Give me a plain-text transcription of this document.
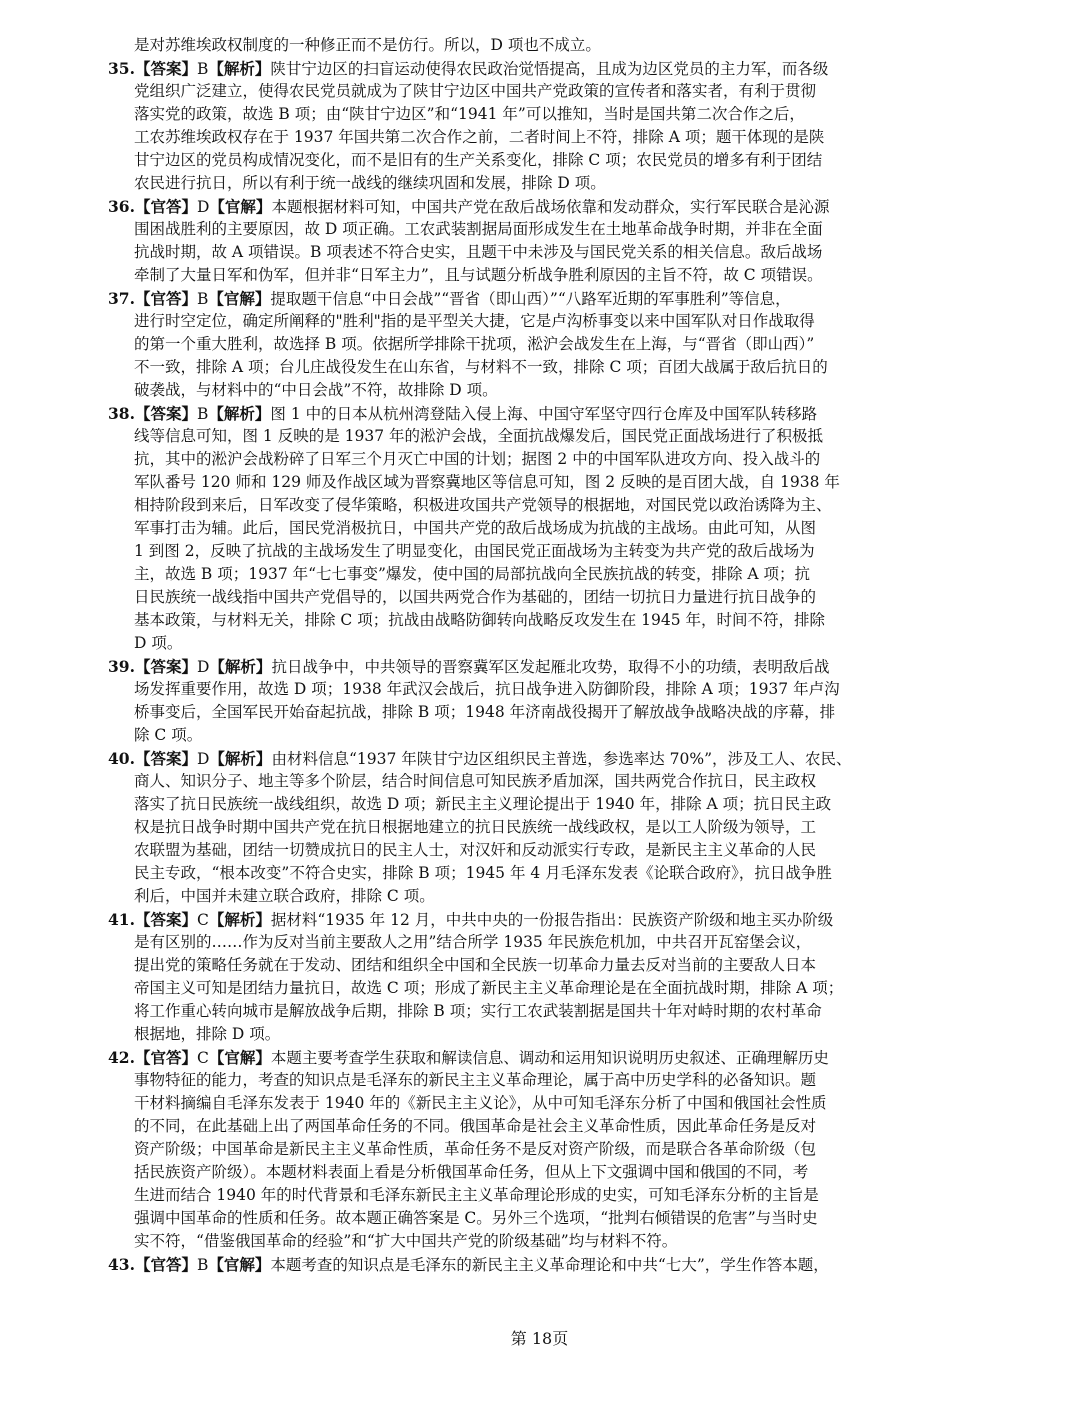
是对苏维埃政权制度的一种修正而不是仿行。所以，D 项也不成立。
35.【答案】B【解析】陕甘宁边区的扫盲运动使得农民政治觉悟提高，且成为边区党员的主力军，而各级
党组织广泛建立，使得农民党员就成为了陕甘宁边区中国共产党政策的宣传者和落实者，有利于贯彻
落实党的政策，故选 B 项；由“陕甘宁边区”和“1941 年”可以推知，当时是国共第二次合作之后，
工农苏维埃政权存在于 1937 年国共第二次合作之前，二者时间上不符，排除 A 项；题干体现的是陕
甘宁边区的党员构成情况变化，而不是旧有的生产关系变化，排除 C 项；农民党员的增多有利于团结
农民进行抗日，所以有利于统一战线的继续巩固和发展，排除 D 项。
36.【官答】D【官解】本题根据材料可知，中国共产党在敌后战场依靠和发动群众，实行军民联合是沁源
围困战胜利的主要原因，故 D 项正确。工农武装割据局面形成发生在土地革命战争时期，并非在全面
抗战时期，故 A 项错误。B 项表述不符合史实，且题干中未涉及与国民党关系的相关信息。敌后战场
牵制了大量日军和伪军，但并非“日军主力”，且与试题分析战争胜利原因的主旨不符，故 C 项错误。
37.【官答】B【官解】提取题干信息“中日会战”“晋省（即山西）”“八路军近期的军事胜利”等信息，
进行时空定位，确定所阐释的"胜利"指的是平型关大捷，它是卢沟桥事变以来中国军队对日作战取得
的第一个重大胜利，故选择 B 项。依据所学排除干扰项，淞沪会战发生在上海，与“晋省（即山西）”
不一致，排除 A 项；台儿庄战役发生在山东省，与材料不一致，排除 C 项；百团大战属于敌后抗日的
破袭战，与材料中的“中日会战”不符，故排除 D 项。
38.【答案】B【解析】图 1 中的日本从杭州湾登陆入侵上海、中国守军坚守四行仓库及中国军队转移路
线等信息可知，图 1 反映的是 1937 年的淞沪会战，全面抗战爆发后，国民党正面战场进行了积极抵
抗，其中的淞沪会战粉碎了日军三个月灭亡中国的计划；据图 2 中的中国军队进攻方向、投入战斗的
军队番号 120 师和 129 师及作战区域为晋察冀地区等信息可知，图 2 反映的是百团大战，自 1938 年
相持阶段到来后，日军改变了侵华策略，积极进攻国共产党领导的根据地，对国民党以政治诱降为主、
军事打击为辅。此后，国民党消极抗日，中国共产党的敌后战场成为抗战的主战场。由此可知，从图
1 到图 2，反映了抗战的主战场发生了明显变化，由国民党正面战场为主转变为共产党的敌后战场为
主，故选 B 项；1937 年“七七事变”爆发，使中国的局部抗战向全民族抗战的转变，排除 A 项；抗
日民族统一战线指中国共产党倡导的，以国共两党合作为基础的，团结一切抗日力量进行抗日战争的
基本政策，与材料无关，排除 C 项；抗战由战略防御转向战略反攻发生在 1945 年，时间不符，排除
D 项。
39.【答案】D【解析】抗日战争中，中共领导的晋察冀军区发起雁北攻势，取得不小的功绩，表明敌后战
场发挥重要作用，故选 D 项；1938 年武汉会战后，抗日战争进入防御阶段，排除 A 项；1937 年卢沟
桥事变后，全国军民开始奋起抗战，排除 B 项；1948 年济南战役揭开了解放战争战略决战的序幕，排
除 C 项。
40.【答案】D【解析】由材料信息“1937 年陕甘宁边区组织民主普选，参选率达 70%”，涉及工人、农民、
商人、知识分子、地主等多个阶层，结合时间信息可知民族矛盾加深，国共两党合作抗日，民主政权
落实了抗日民族统一战线组织，故选 D 项；新民主主义理论提出于 1940 年，排除 A 项；抗日民主政
权是抗日战争时期中国共产党在抗日根据地建立的抗日民族统一战线政权，是以工人阶级为领导，工
农联盟为基础，团结一切赞成抗日的民主人士，对汉奸和反动派实行专政，是新民主主义革命的人民
民主专政，“根本改变”不符合史实，排除 B 项；1945 年 4 月毛泽东发表《论联合政府》，抗日战争胜
利后，中国并未建立联合政府，排除 C 项。
41.【答案】C【解析】据材料“1935 年 12 月，中共中央的一份报告指出：民族资产阶级和地主买办阶级
是有区别的……作为反对当前主要敌人之用”结合所学 1935 年民族危机加，中共召开瓦窑堡会议，
提出党的策略任务就在于发动、团结和组织全中国和全民族一切革命力量去反对当前的主要敌人日本
帝国主义可知是团结力量抗日，故选 C 项；形成了新民主主义革命理论是在全面抗战时期，排除 A 项；
将工作重心转向城市是解放战争后期，排除 B 项；实行工农武装割据是国共十年对峙时期的农村革命
根据地，排除 D 项。
42.【官答】C【官解】本题主要考查学生获取和解读信息、调动和运用知识说明历史叙述、正确理解历史
事物特征的能力，考查的知识点是毛泽东的新民主主义革命理论，属于高中历史学科的必备知识。题
干材料摘编自毛泽东发表于 1940 年的《新民主主义论》，从中可知毛泽东分析了中国和俄国社会性质
的不同，在此基础上出了两国革命任务的不同。俄国革命是社会主义革命性质，因此革命任务是反对
资产阶级；中国革命是新民主主义革命性质，革命任务不是反对资产阶级，而是联合各革命阶级（包
括民族资产阶级）。本题材料表面上看是分析俄国革命任务，但从上下文强调中国和俄国的不同，考
生进而结合 1940 年的时代背景和毛泽东新民主主义革命理论形成的史实，可知毛泽东分析的主旨是
强调中国革命的性质和任务。故本题正确答案是 C。另外三个选项，“批判右倾错误的危害”与当时史
实不符，“借鉴俄国革命的经验”和“扩大中国共产党的阶级基础”均与材料不符。
43.【官答】B【官解】本题考查的知识点是毛泽东的新民主主义革命理论和中共“七大”，学生作答本题，
第 18页
